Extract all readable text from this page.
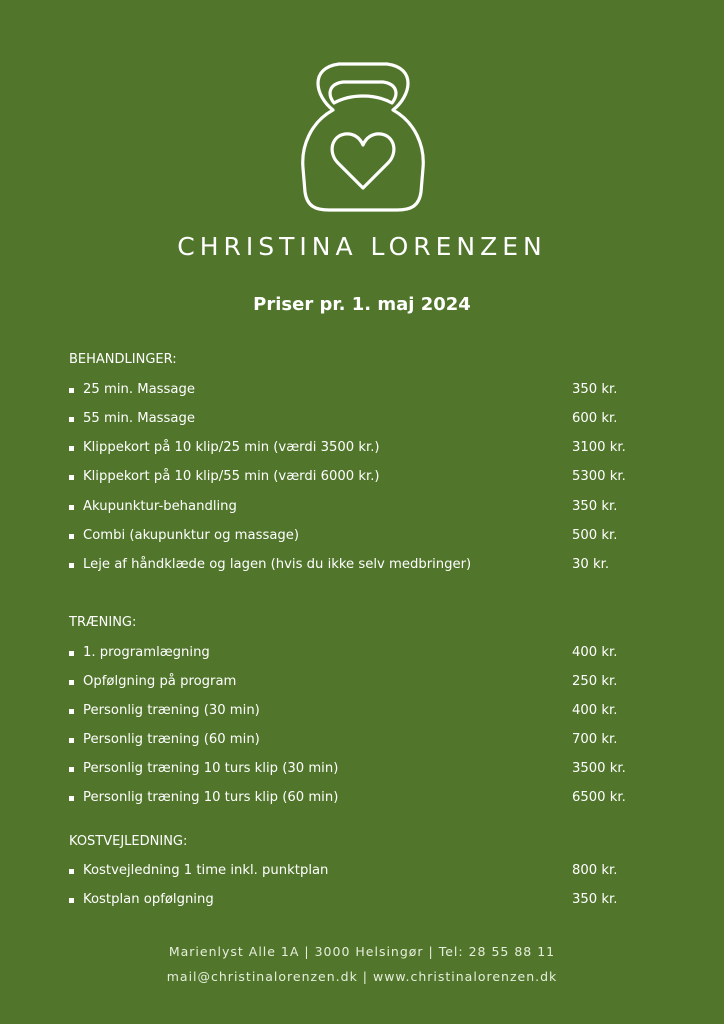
CHRISTINA LORENZEN
Priser pr. 1. maj 2024
BEHANDLINGER:
25 min. Massage	350 kr.
55 min. Massage	600 kr.
Klippekort på 10 klip/25 min (værdi 3500 kr.)	3100 kr.
Klippekort på 10 klip/55 min (værdi 6000 kr.)	5300 kr.
Akupunktur-behandling	350 kr.
Combi (akupunktur og massage)	500 kr.
Leje af håndklæde og lagen (hvis du ikke selv medbringer)	30 kr.
TRÆNING:
1. programlægning	400 kr.
Opfølgning på program	250 kr.
Personlig træning (30 min)	400 kr.
Personlig træning (60 min)	700 kr.
Personlig træning 10 turs klip (30 min)	3500 kr.
Personlig træning 10 turs klip (60 min)	6500 kr.
KOSTVEJLEDNING:
Kostvejledning 1 time inkl. punktplan	800 kr.
Kostplan opfølgning	350 kr.
Marienlyst Alle 1A | 3000 Helsingør | Tel: 28 55 88 11
mail@christinalorenzen.dk | www.christinalorenzen.dk
